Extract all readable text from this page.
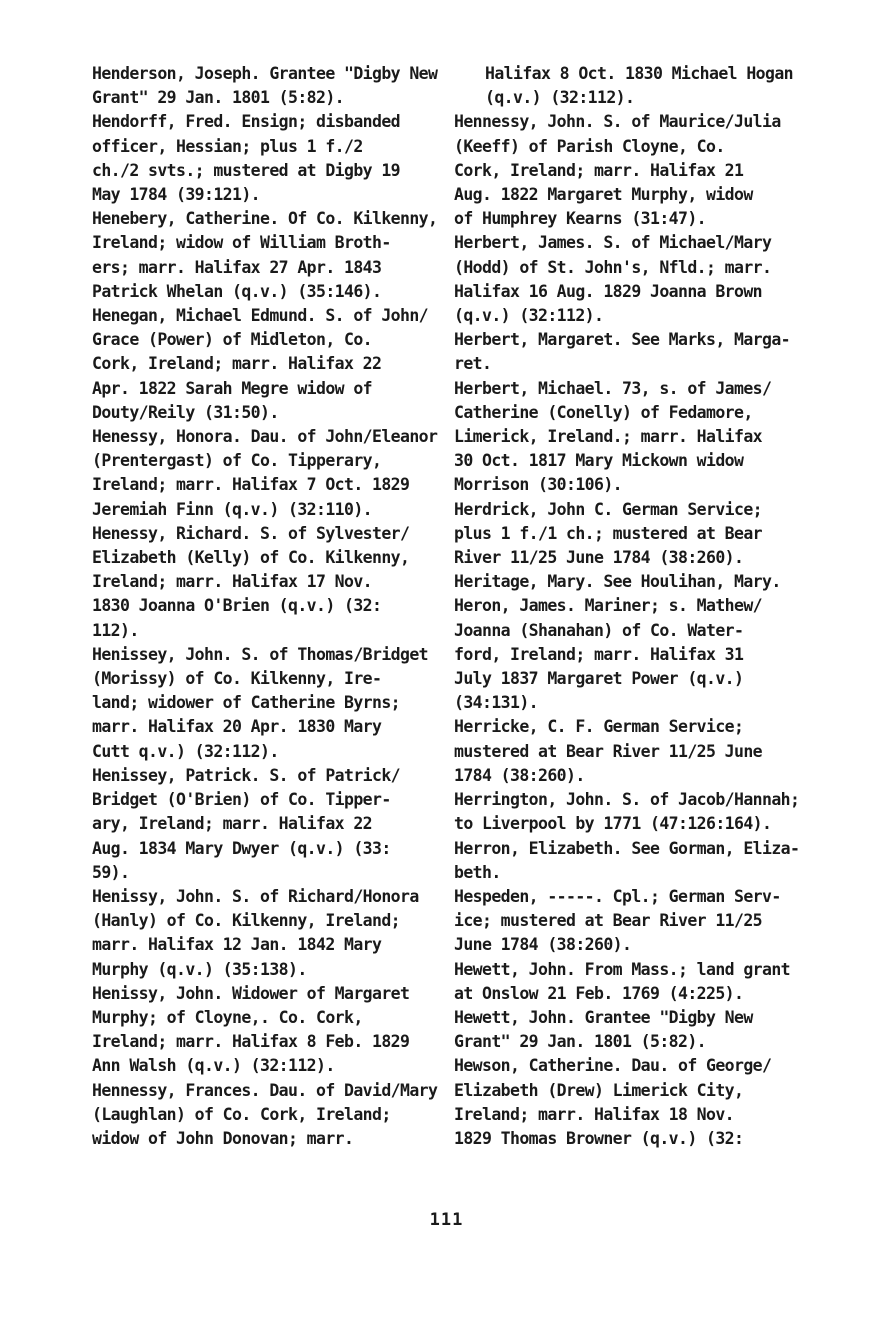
Henderson, Joseph. Grantee "Digby New
Grant" 29 Jan. 1801 (5:82).
Hendorff, Fred. Ensign; disbanded
officer, Hessian; plus 1 f./2
ch./2 svts.; mustered at Digby 19
May 1784 (39:121).
Henebery, Catherine. Of Co. Kilkenny,
Ireland; widow of William Broth-
ers; marr. Halifax 27 Apr. 1843
Patrick Whelan (q.v.) (35:146).
Henegan, Michael Edmund. S. of John/
Grace (Power) of Midleton, Co.
Cork, Ireland; marr. Halifax 22
Apr. 1822 Sarah Megre widow of
Douty/Reily (31:50).
Henessy, Honora. Dau. of John/Eleanor
(Prentergast) of Co. Tipperary,
Ireland; marr. Halifax 7 Oct. 1829
Jeremiah Finn (q.v.) (32:110).
Henessy, Richard. S. of Sylvester/
Elizabeth (Kelly) of Co. Kilkenny,
Ireland; marr. Halifax 17 Nov.
1830 Joanna O'Brien (q.v.) (32:
112).
Henissey, John. S. of Thomas/Bridget
(Morissy) of Co. Kilkenny, Ire-
land; widower of Catherine Byrns;
marr. Halifax 20 Apr. 1830 Mary
Cutt q.v.) (32:112).
Henissey, Patrick. S. of Patrick/
Bridget (O'Brien) of Co. Tipper-
ary, Ireland; marr. Halifax 22
Aug. 1834 Mary Dwyer (q.v.) (33:
59).
Henissy, John. S. of Richard/Honora
(Hanly) of Co. Kilkenny, Ireland;
marr. Halifax 12 Jan. 1842 Mary
Murphy (q.v.) (35:138).
Henissy, John. Widower of Margaret
Murphy; of Cloyne,. Co. Cork,
Ireland; marr. Halifax 8 Feb. 1829
Ann Walsh (q.v.) (32:112).
Hennessy, Frances. Dau. of David/Mary
(Laughlan) of Co. Cork, Ireland;
widow of John Donovan; marr.
Halifax 8 Oct. 1830 Michael Hogan
(q.v.) (32:112).
Hennessy, John. S. of Maurice/Julia
(Keeff) of Parish Cloyne, Co.
Cork, Ireland; marr. Halifax 21
Aug. 1822 Margaret Murphy, widow
of Humphrey Kearns (31:47).
Herbert, James. S. of Michael/Mary
(Hodd) of St. John's, Nfld.; marr.
Halifax 16 Aug. 1829 Joanna Brown
(q.v.) (32:112).
Herbert, Margaret. See Marks, Marga-
ret.
Herbert, Michael. 73, s. of James/
Catherine (Conelly) of Fedamore,
Limerick, Ireland.; marr. Halifax
30 Oct. 1817 Mary Mickown widow
Morrison (30:106).
Herdrick, John C. German Service;
plus 1 f./1 ch.; mustered at Bear
River 11/25 June 1784 (38:260).
Heritage, Mary. See Houlihan, Mary.
Heron, James. Mariner; s. Mathew/
Joanna (Shanahan) of Co. Water-
ford, Ireland; marr. Halifax 31
July 1837 Margaret Power (q.v.)
(34:131).
Herricke, C. F. German Service;
mustered at Bear River 11/25 June
1784 (38:260).
Herrington, John. S. of Jacob/Hannah;
to Liverpool by 1771 (47:126:164).
Herron, Elizabeth. See Gorman, Eliza-
beth.
Hespeden, -----. Cpl.; German Serv-
ice; mustered at Bear River 11/25
June 1784 (38:260).
Hewett, John. From Mass.; land grant
at Onslow 21 Feb. 1769 (4:225).
Hewett, John. Grantee "Digby New
Grant" 29 Jan. 1801 (5:82).
Hewson, Catherine. Dau. of George/
Elizabeth (Drew) Limerick City,
Ireland; marr. Halifax 18 Nov.
1829 Thomas Browner (q.v.) (32:
111
